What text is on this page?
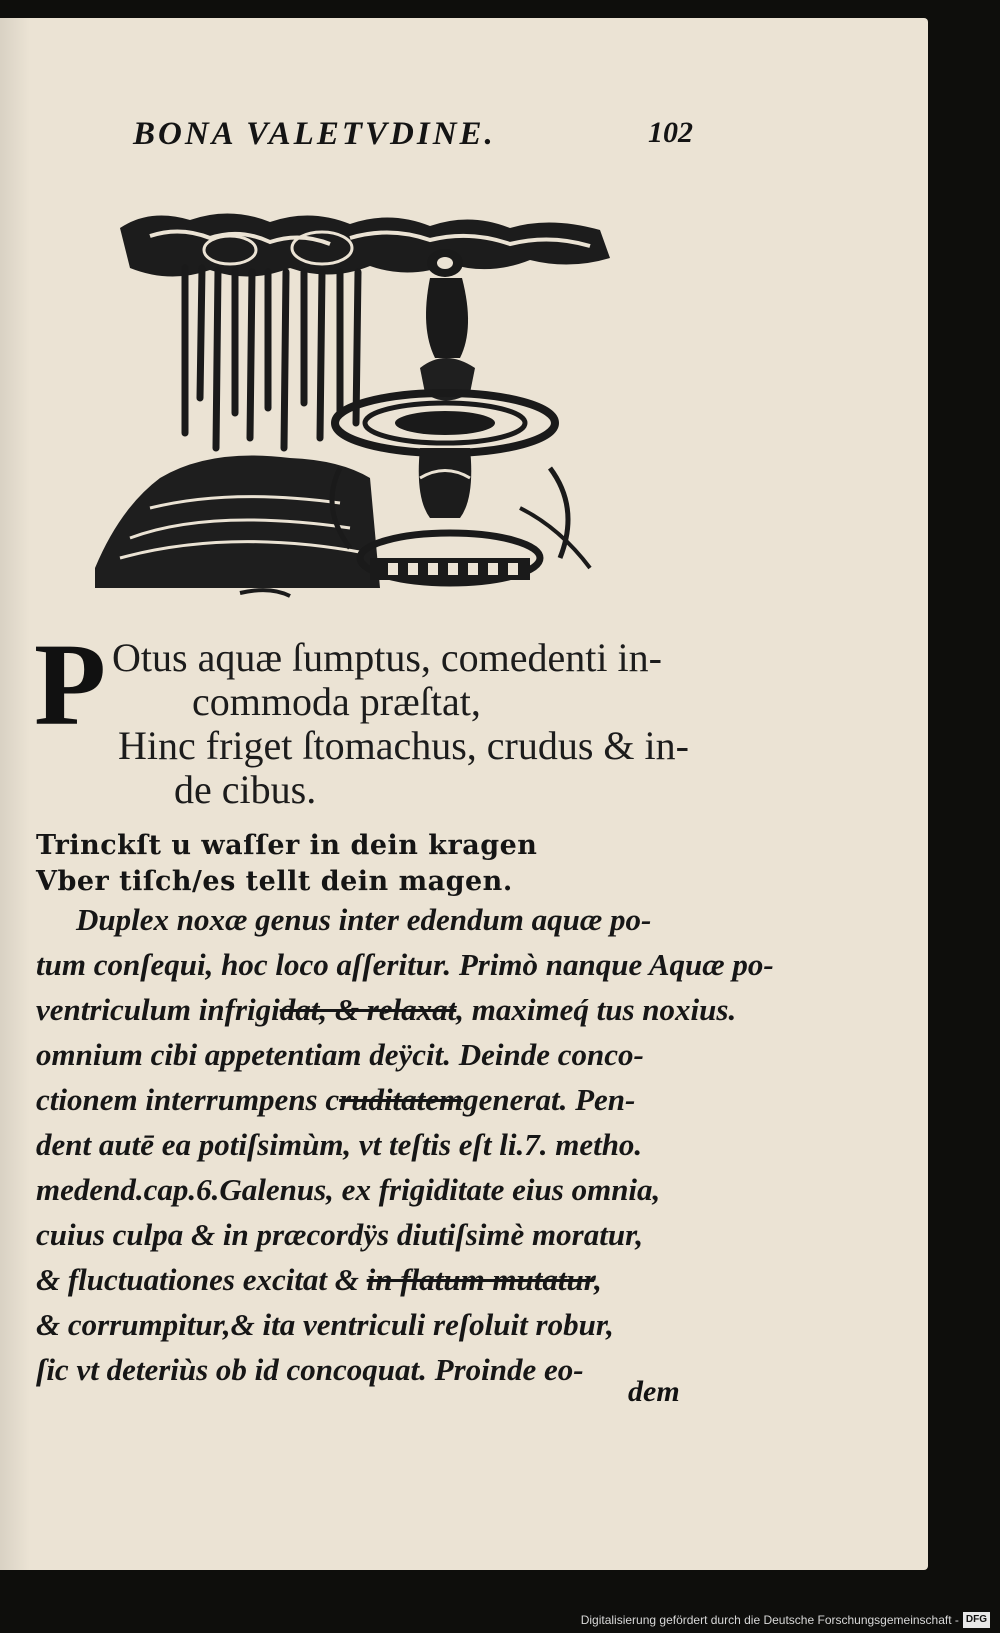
BONA VALETVDINE.	102
P Otus aquæ ſumptus, comedenti in-
commoda præſtat,
Hinc friget ſtomachus, crudus & in-
de cibus.
Trinckſt u waſſer in dein kragen
Vber tiſch/es tellt dein magen.
Duplex noxæ genus inter edendum aquæ po-
tum conſequi, hoc loco aſſeritur. Primò nanque Aquæ po-
ventriculum infrigidat, & relaxat, maximeq́ tus noxius.
omnium cibi appetentiam deÿcit. Deinde conco-
ctionem interrumpens cruditatemgenerat. Pen-
dent autē ea potiſsimùm, vt teſtis eſt li.7. metho.
medend.cap.6.Galenus, ex frigiditate eius omnia,
cuius culpa & in præcordÿs diutiſsimè moratur,
& fluctuationes excitat & in flatum mutatur,
& corrumpitur,& ita ventriculi reſoluit robur,
ſic vt deteriùs ob id concoquat. Proinde eo-
dem
Digitalisierung gefördert durch die Deutsche Forschungsgemeinschaft - DFG
